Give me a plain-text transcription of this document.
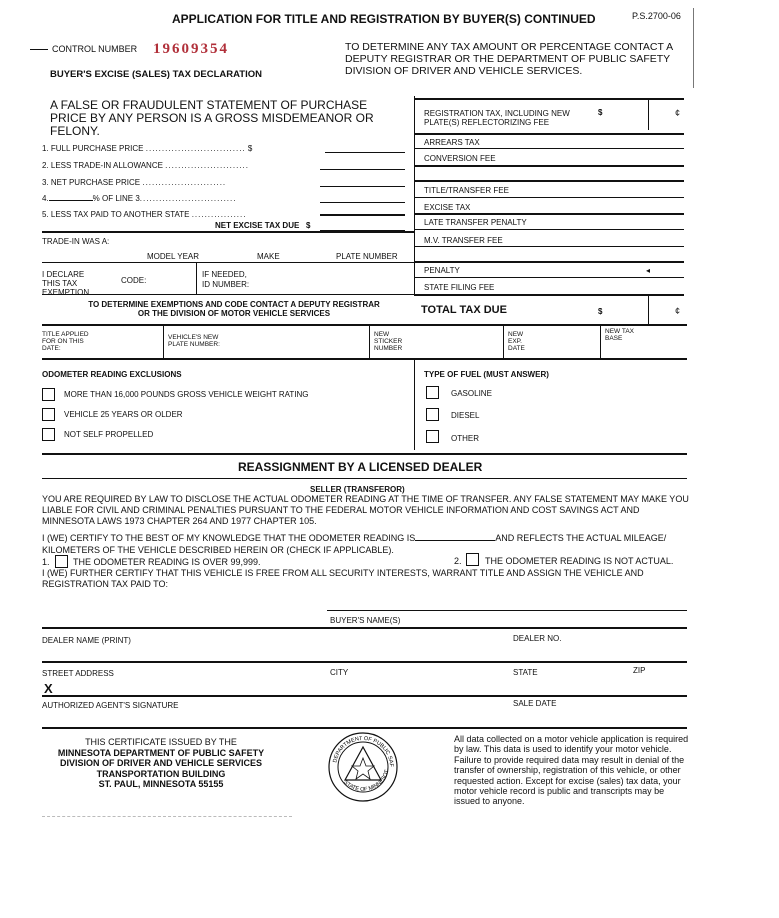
APPLICATION FOR TITLE AND REGISTRATION BY BUYER(S) CONTINUED	P.S.2700-06
CONTROL NUMBER 19609354	TO DETERMINE ANY TAX AMOUNT OR PERCENTAGE CONTACT A DEPUTY REGISTRAR OR THE DEPARTMENT OF PUBLIC SAFETY DIVISION OF DRIVER AND VEHICLE SERVICES.
BUYER'S EXCISE (SALES) TAX DECLARATION
A FALSE OR FRAUDULENT STATEMENT OF PURCHASE PRICE BY ANY PERSON IS A GROSS MISDEMEANOR OR FELONY.
1. FULL PURCHASE PRICE ............................... $
2. LESS TRADE-IN ALLOWANCE ..........................
3. NET PURCHASE PRICE ..........................
4.	% OF LINE 3..............................
5. LESS TAX PAID TO ANOTHER STATE .................
NET EXCISE TAX DUE $
REGISTRATION TAX, INCLUDING NEW PLATE(S) REFLECTORIZING FEE
$	¢
ARREARS TAX
CONVERSION FEE
TITLE/TRANSFER FEE
EXCISE TAX
LATE TRANSFER PENALTY
M.V. TRANSFER FEE
PENALTY	◂
STATE FILING FEE
TOTAL TAX DUE	$	¢
TRADE-IN WAS A:
MODEL YEAR	MAKE	PLATE NUMBER
I DECLARE THIS TAX EXEMPTION
CODE:
IF NEEDED,
ID NUMBER:
TO DETERMINE EXEMPTIONS AND CODE CONTACT A DEPUTY REGISTRAR OR THE DIVISION OF MOTOR VEHICLE SERVICES
TITLE APPLIED FOR ON THIS DATE:
VEHICLE'S NEW PLATE NUMBER:
NEW STICKER NUMBER
NEW EXP. DATE
NEW TAX BASE
ODOMETER READING EXCLUSIONS
MORE THAN 16,000 POUNDS GROSS VEHICLE WEIGHT RATING
VEHICLE 25 YEARS OR OLDER
NOT SELF PROPELLED
TYPE OF FUEL (MUST ANSWER)
GASOLINE
DIESEL
OTHER
REASSIGNMENT BY A LICENSED DEALER
SELLER (TRANSFEROR)
YOU ARE REQUIRED BY LAW TO DISCLOSE THE ACTUAL ODOMETER READING AT THE TIME OF TRANSFER. ANY FALSE STATEMENT MAY MAKE YOU LIABLE FOR CIVIL AND CRIMINAL PENALTIES PURSUANT TO THE FEDERAL MOTOR VEHICLE INFORMATION AND COST SAVINGS ACT AND MINNESOTA LAWS 1973 CHAPTER 264 AND 1977 CHAPTER 105.
I (WE) CERTIFY TO THE BEST OF MY KNOWLEDGE THAT THE ODOMETER READING IS	AND REFLECTS THE ACTUAL MILEAGE/
KILOMETERS OF THE VEHICLE DESCRIBED HEREIN OR (CHECK IF APPLICABLE).
1.	THE ODOMETER READING IS OVER 99,999.	2.	THE ODOMETER READING IS NOT ACTUAL.
I (WE) FURTHER CERTIFY THAT THIS VEHICLE IS FREE FROM ALL SECURITY INTERESTS, WARRANT TITLE AND ASSIGN THE VEHICLE AND REGISTRATION TAX PAID TO:
BUYER'S NAME(S)
DEALER NAME (PRINT)	DEALER NO.
STREET ADDRESS	CITY	STATE	ZIP
X
AUTHORIZED AGENT'S SIGNATURE	SALE DATE
THIS CERTIFICATE ISSUED BY THE
MINNESOTA DEPARTMENT OF PUBLIC SAFETY
DIVISION OF DRIVER AND VEHICLE SERVICES
TRANSPORTATION BUILDING
ST. PAUL, MINNESOTA 55155
DEPARTMENT OF PUBLIC SAF
STATE OF MINNESOT
All data collected on a motor vehicle application is required by law. This data is used to identify your motor vehicle. Failure to provide required data may result in denial of the transfer of ownership, registration of this vehicle, or other requested action. Except for excise (sales) tax data, your motor vehicle record is public and transcripts may be issued to anyone.
